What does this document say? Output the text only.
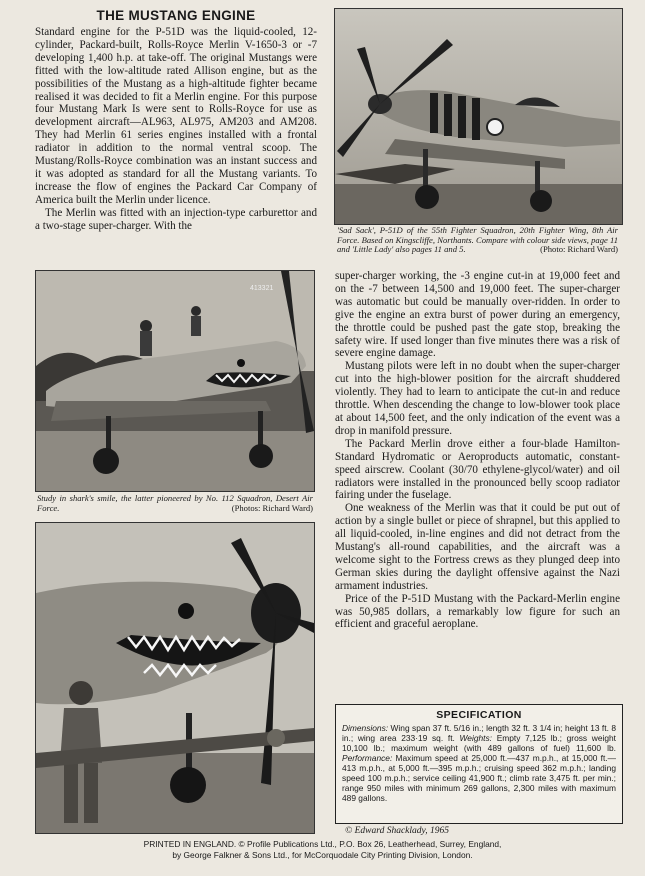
THE MUSTANG ENGINE

Standard engine for the P-51D was the liquid-cooled, 12-cylinder, Packard-built, Rolls-Royce Merlin V-1650-3 or -7 developing 1,400 h.p. at take-off. The original Mustangs were fitted with the low-altitude rated Allison engine, but as the possibilities of the Mustang as a high-altitude fighter became realised it was decided to fit a Merlin engine. For this purpose four Mustang Mark Is were sent to Rolls-Royce for use as development aircraft—AL963, AL975, AM203 and AM208. They had Merlin 61 series engines installed with a frontal radiator in addition to the normal ventral scoop. The Mustang/Rolls-Royce combination was an instant success and it was adopted as standard for all the Mustang variants. To increase the flow of engines the Packard Car Company of America built the Merlin under licence.

The Merlin was fitted with an injection-type carburettor and a two-stage super-charger. With the	'Sad Sack', P-51D of the 55th Fighter Squadron, 20th Fighter Wing, 8th Air Force. Based on Kingscliffe, Northants. Compare with colour side views, page 11 and 'Little Lady' also pages 11 and 5.	(Photo: Richard Ward)
Study in shark's smile, the latter pioneered by No. 112 Squadron, Desert Air Force.	(Photos: Richard Ward)

super-charger working, the -3 engine cut-in at 19,000 feet and on the -7 between 14,500 and 19,000 feet. The super-charger was automatic but could be manually over-ridden. In order to give the engine an extra burst of power during an emergency, the throttle could be pushed past the gate stop, breaking the safety wire. If used longer than five minutes there was a risk of severe engine damage.

Mustang pilots were left in no doubt when the super-charger cut into the high-blower position for the aircraft shuddered violently. They had to learn to anticipate the cut-in and reduce throttle. When descending the change to low-blower took place at about 14,500 feet, and the only indication of the event was a drop in manifold pressure.

The Packard Merlin drove either a four-blade Hamilton-Standard Hydromatic or Aeroproducts automatic, constant-speed airscrew. Coolant (30/70 ethylene-glycol/water) and oil radiators were installed in the pronounced belly scoop radiator fairing under the fuselage.

One weakness of the Merlin was that it could be put out of action by a single bullet or piece of shrapnel, but this applied to all liquid-cooled, in-line engines and did not detract from the Mustang's all-round capabilities, and the aircraft was a welcome sight to the Fortress crews as they plunged deep into German skies during the daylight offensive against the Nazi armament industries.

Price of the P-51D Mustang with the Packard-Merlin engine was 50,985 dollars, a remarkably low figure for such an efficient and graceful aeroplane.

SPECIFICATION
Dimensions: Wing span 37 ft. 5/16 in.; length 32 ft. 3 1/4 in; height 13 ft. 8 in.; wing area 233·19 sq. ft. Weights: Empty 7,125 lb.; gross weight 10,100 lb.; maximum weight (with 489 gallons of fuel) 11,600 lb. Performance: Maximum speed at 25,000 ft.—437 m.p.h., at 15,000 ft.—413 m.p.h., at 5,000 ft.—395 m.p.h.; cruising speed 362 m.p.h.; landing speed 100 m.p.h.; service ceiling 41,900 ft.; climb rate 3,475 ft. per min.; range 950 miles with minimum 269 gallons, 2,300 miles with maximum 489 gallons.
© Edward Shacklady, 1965
PRINTED IN ENGLAND. © Profile Publications Ltd., P.O. Box 26, Leatherhead, Surrey, England,
by George Falkner & Sons Ltd., for McCorquodale City Printing Division, London.
413321
